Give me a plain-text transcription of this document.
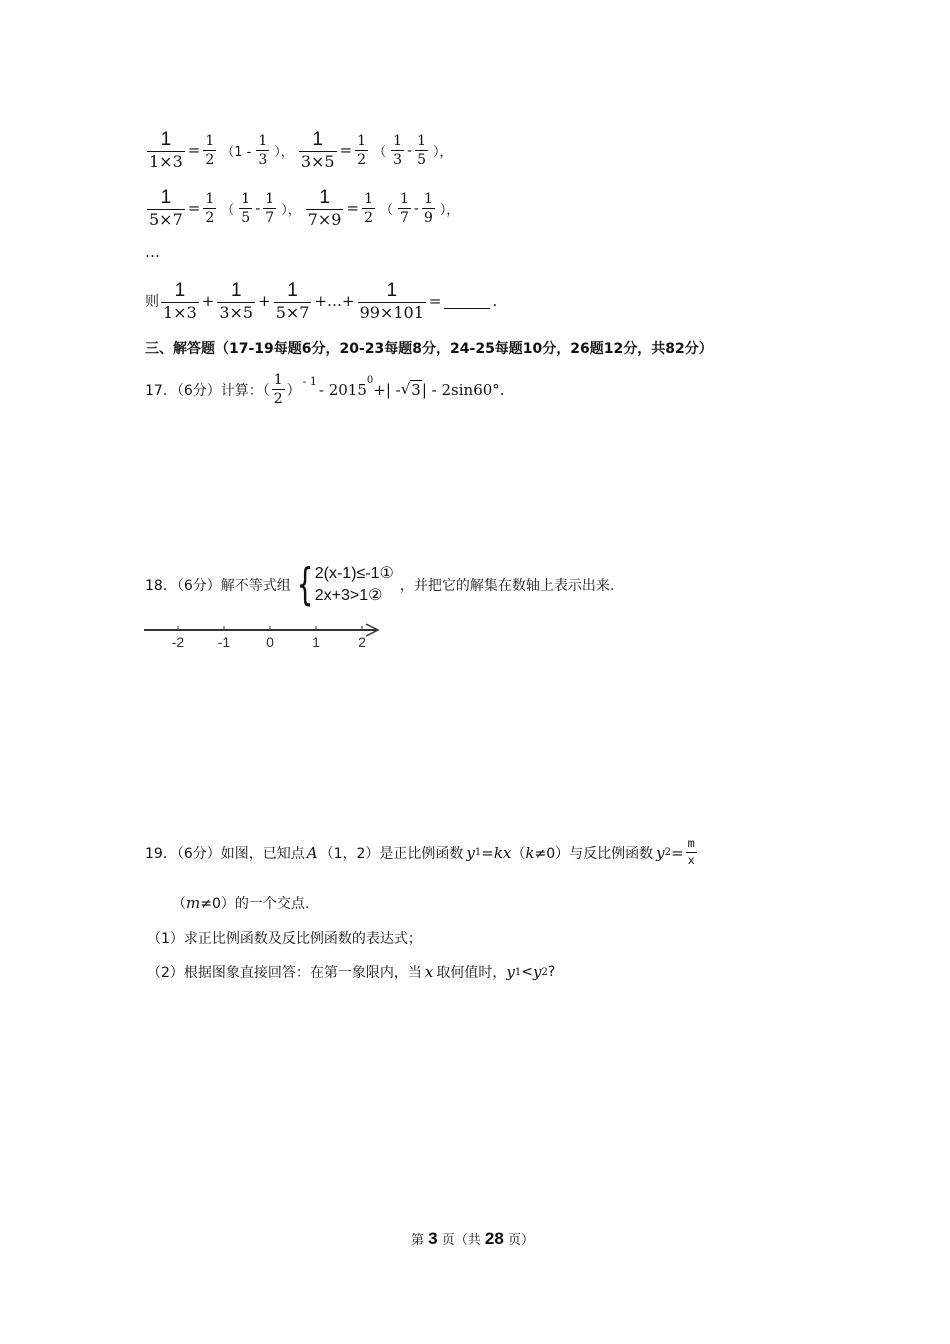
$\frac{1}{1\times 3} = \frac{1}{2} (1 - \frac{1}{3}$ ）， $\frac{1}{3\times 5} = \frac{1}{2}$ （ $\frac{1}{3} - \frac{1}{5}$ ），
$\frac{1}{5\times 7} = \frac{1}{2}$ （ $\frac{1}{5} - \frac{1}{7}$ ）， $\frac{1}{7\times 9} = \frac{1}{2}$ （ $\frac{1}{7} - \frac{1}{9}$ ），
…
则 $\frac{1}{1\times 3} + \frac{1}{3\times 5} + \frac{1}{5\times 7}$ +…+ $\frac{1}{99\times 101}$ =	.
三、解答题（17-19每题6分，20-23每题8分，24-25每题10分，26题12分，共82分）
17．（6分）计算：（ $\frac{1}{2}$ ）
$^{- 1} - 2015^0$ +| - √ 3 | - 2sin60°.
18．（6分）解不等式组 { 2(x-1)≤-1①
2x+3>1②
，并把它的解集在数轴上表示出来.
-2 -1	0	1	2
19．（6分）如图，已知点 A （1，2）是正比例函数 y 1 = kx （ k ≠0）与反比例函数 y $2 = \frac{m}{x}$
（ m ≠0）的一个交点.
（1）求正比例函数及反比例函数的表达式；
（2）根据图象直接回答：在第一象限内，当 x 取何值时， y 1 < y 2 ?
第 3 页（共 28 页）
